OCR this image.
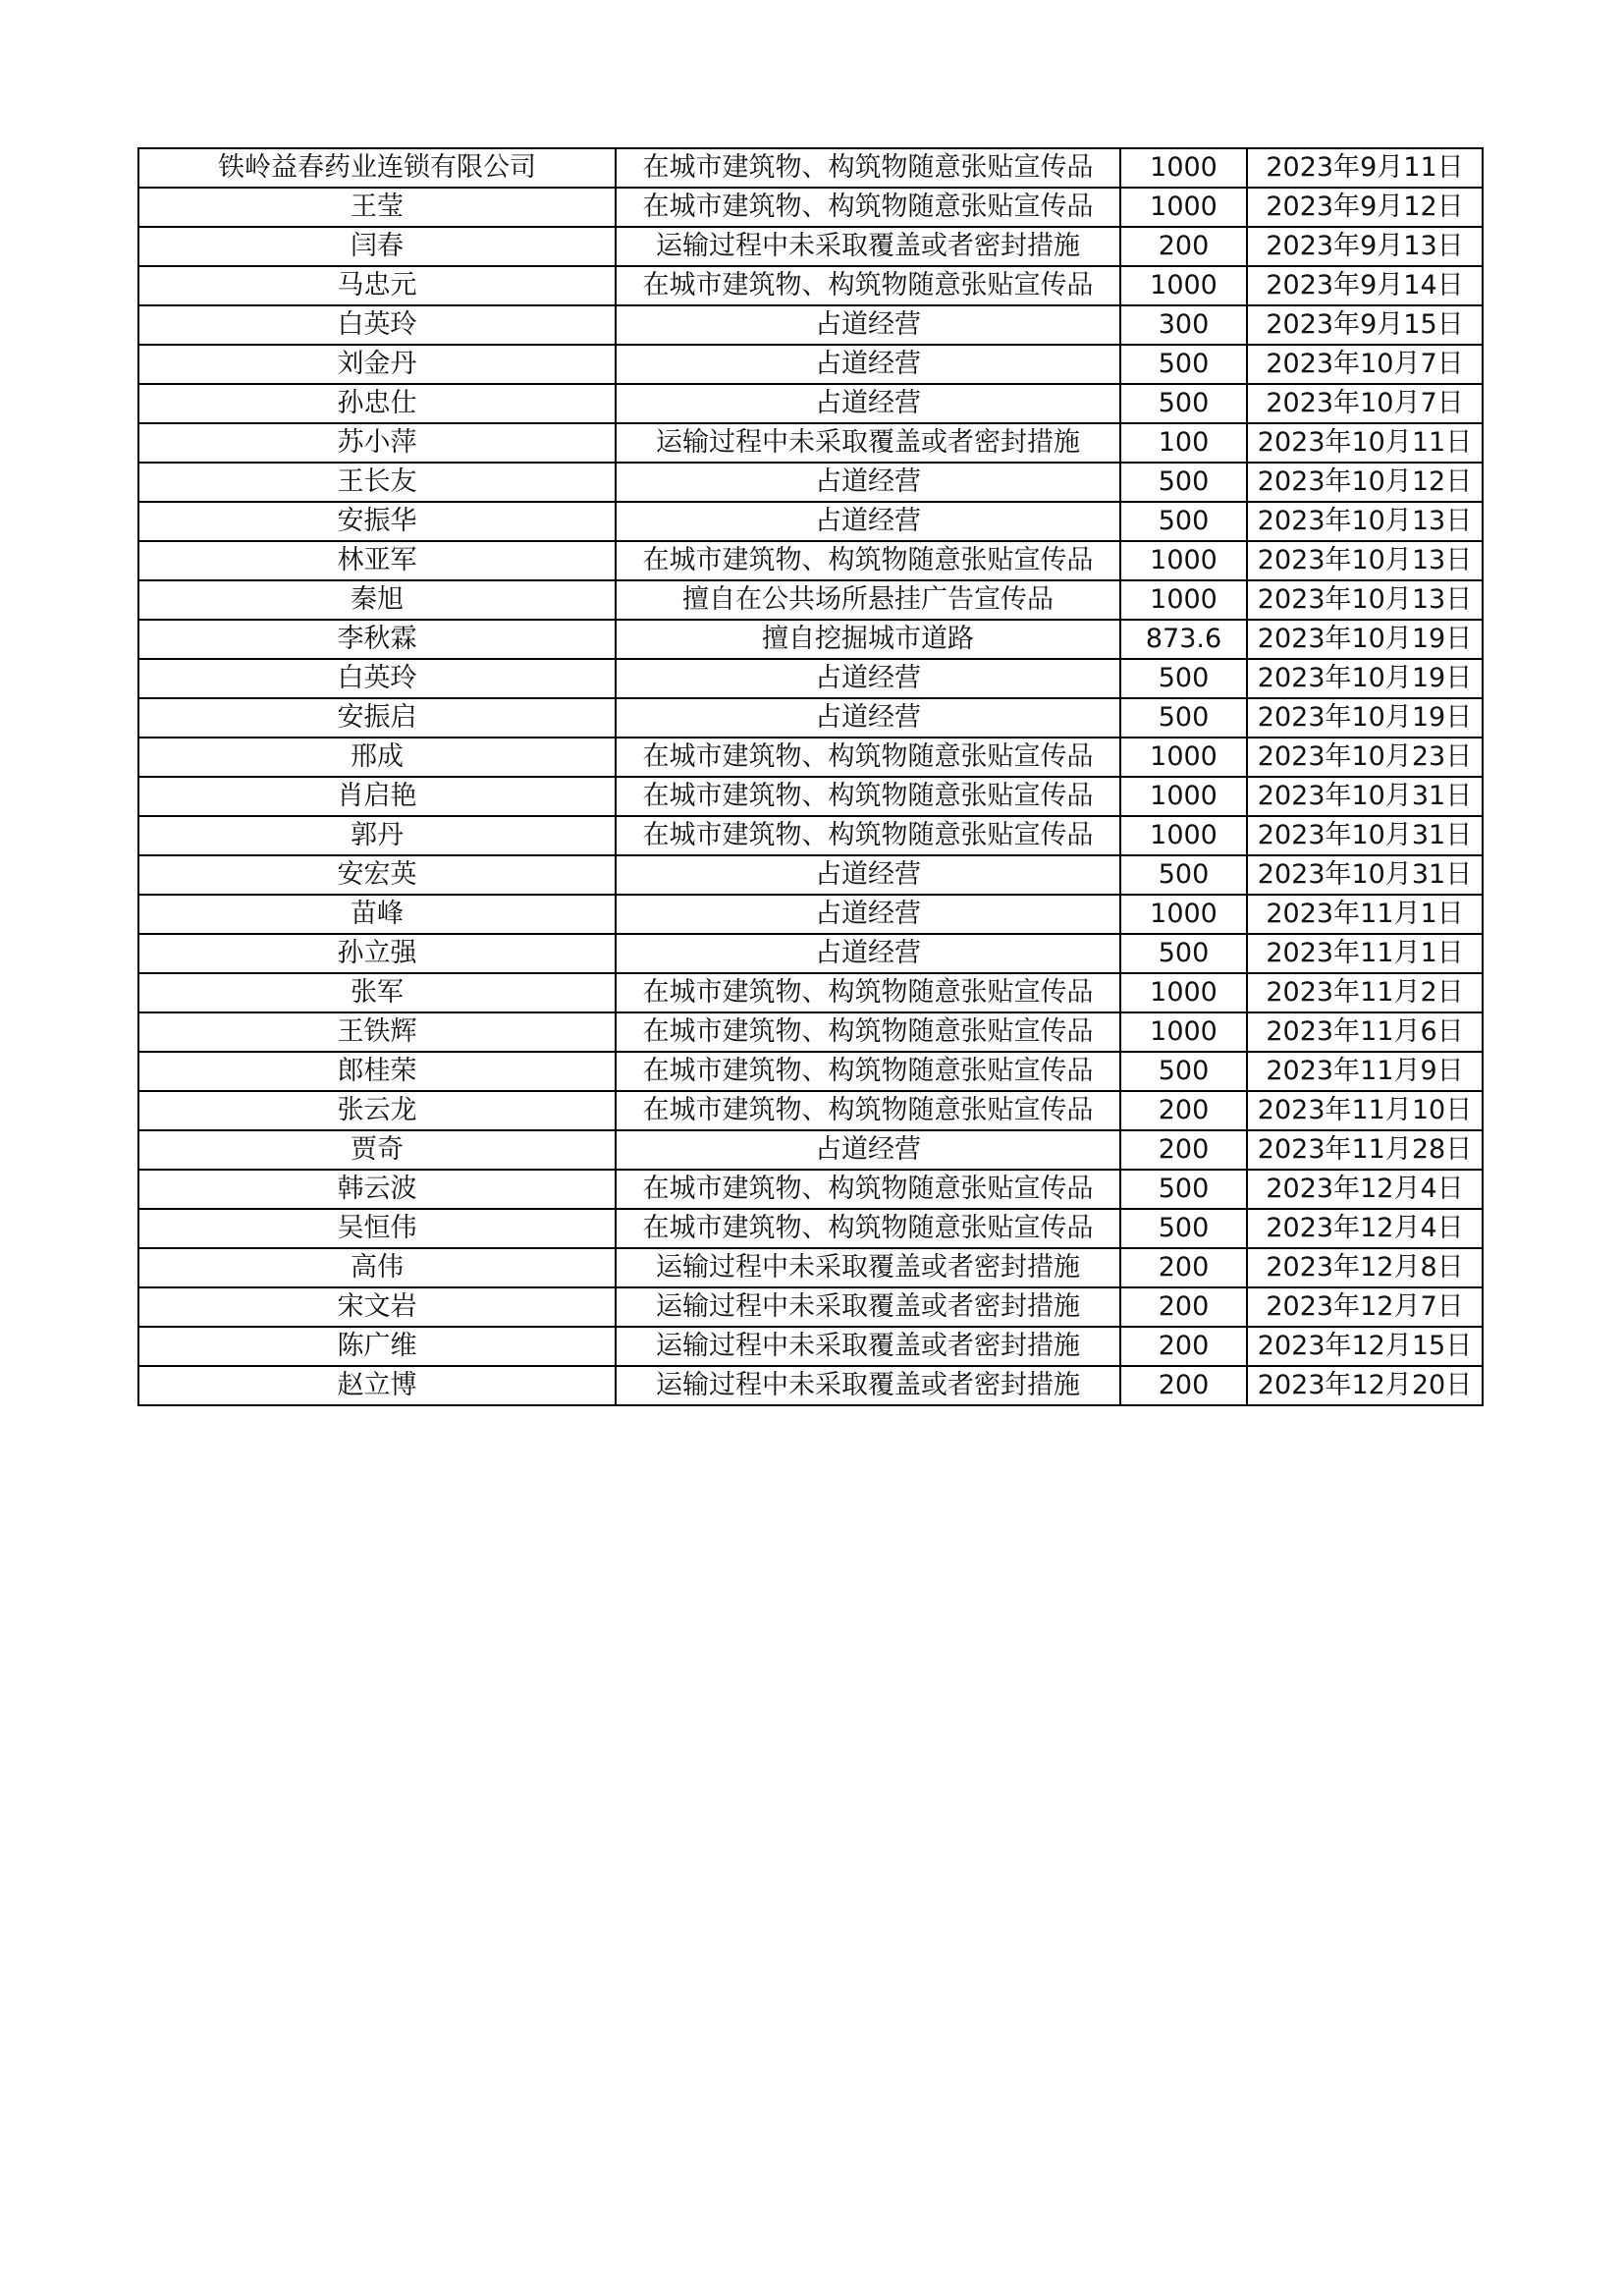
铁岭益春药业连锁有限公司	在城市建筑物、构筑物随意张贴宣传品	1000	2023年9月11日
王莹	在城市建筑物、构筑物随意张贴宣传品	1000	2023年9月12日
闫春	运输过程中未采取覆盖或者密封措施	200	2023年9月13日
马忠元	在城市建筑物、构筑物随意张贴宣传品	1000	2023年9月14日
白英玲	占道经营	300	2023年9月15日
刘金丹	占道经营	500	2023年10月7日
孙忠仕	占道经营	500	2023年10月7日
苏小萍	运输过程中未采取覆盖或者密封措施	100	2023年10月11日
王长友	占道经营	500	2023年10月12日
安振华	占道经营	500	2023年10月13日
林亚军	在城市建筑物、构筑物随意张贴宣传品	1000	2023年10月13日
秦旭	擅自在公共场所悬挂广告宣传品	1000	2023年10月13日
李秋霖	擅自挖掘城市道路	873.6	2023年10月19日
白英玲	占道经营	500	2023年10月19日
安振启	占道经营	500	2023年10月19日
邢成	在城市建筑物、构筑物随意张贴宣传品	1000	2023年10月23日
肖启艳	在城市建筑物、构筑物随意张贴宣传品	1000	2023年10月31日
郭丹	在城市建筑物、构筑物随意张贴宣传品	1000	2023年10月31日
安宏英	占道经营	500	2023年10月31日
苗峰	占道经营	1000	2023年11月1日
孙立强	占道经营	500	2023年11月1日
张军	在城市建筑物、构筑物随意张贴宣传品	1000	2023年11月2日
王铁辉	在城市建筑物、构筑物随意张贴宣传品	1000	2023年11月6日
郎桂荣	在城市建筑物、构筑物随意张贴宣传品	500	2023年11月9日
张云龙	在城市建筑物、构筑物随意张贴宣传品	200	2023年11月10日
贾奇	占道经营	200	2023年11月28日
韩云波	在城市建筑物、构筑物随意张贴宣传品	500	2023年12月4日
吴恒伟	在城市建筑物、构筑物随意张贴宣传品	500	2023年12月4日
高伟	运输过程中未采取覆盖或者密封措施	200	2023年12月8日
宋文岩	运输过程中未采取覆盖或者密封措施	200	2023年12月7日
陈广维	运输过程中未采取覆盖或者密封措施	200	2023年12月15日
赵立博	运输过程中未采取覆盖或者密封措施	200	2023年12月20日
